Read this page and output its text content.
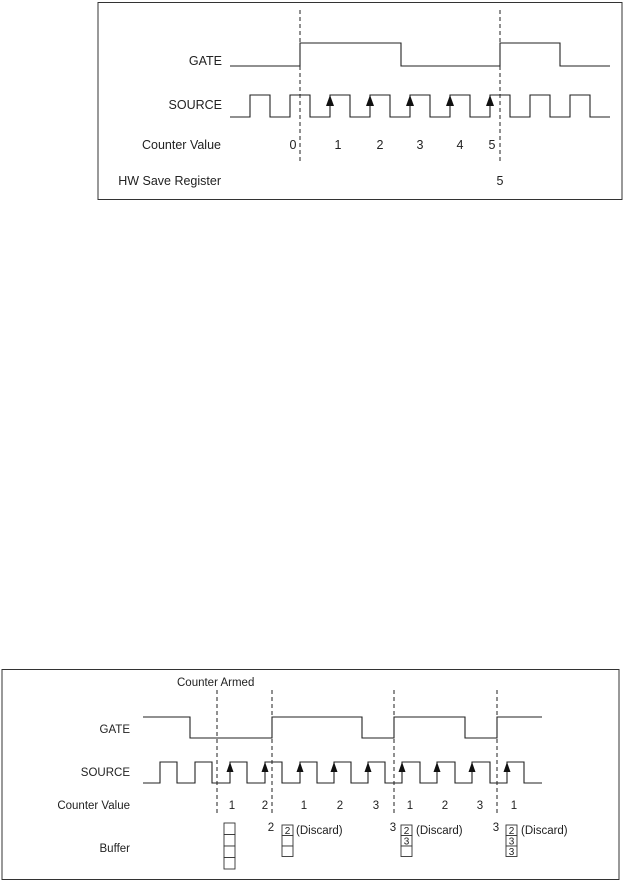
GATE
SOURCE
Counter Value
HW Save Register
0	1	2	3	4 5
5
Counter Armed
GATE
SOURCE
Counter Value
Buffer
1 2	1	2	3 1 2 3 1
2	3	3
2 (Discard)	2
3
(Discard)	2
3
3
(Discard)
